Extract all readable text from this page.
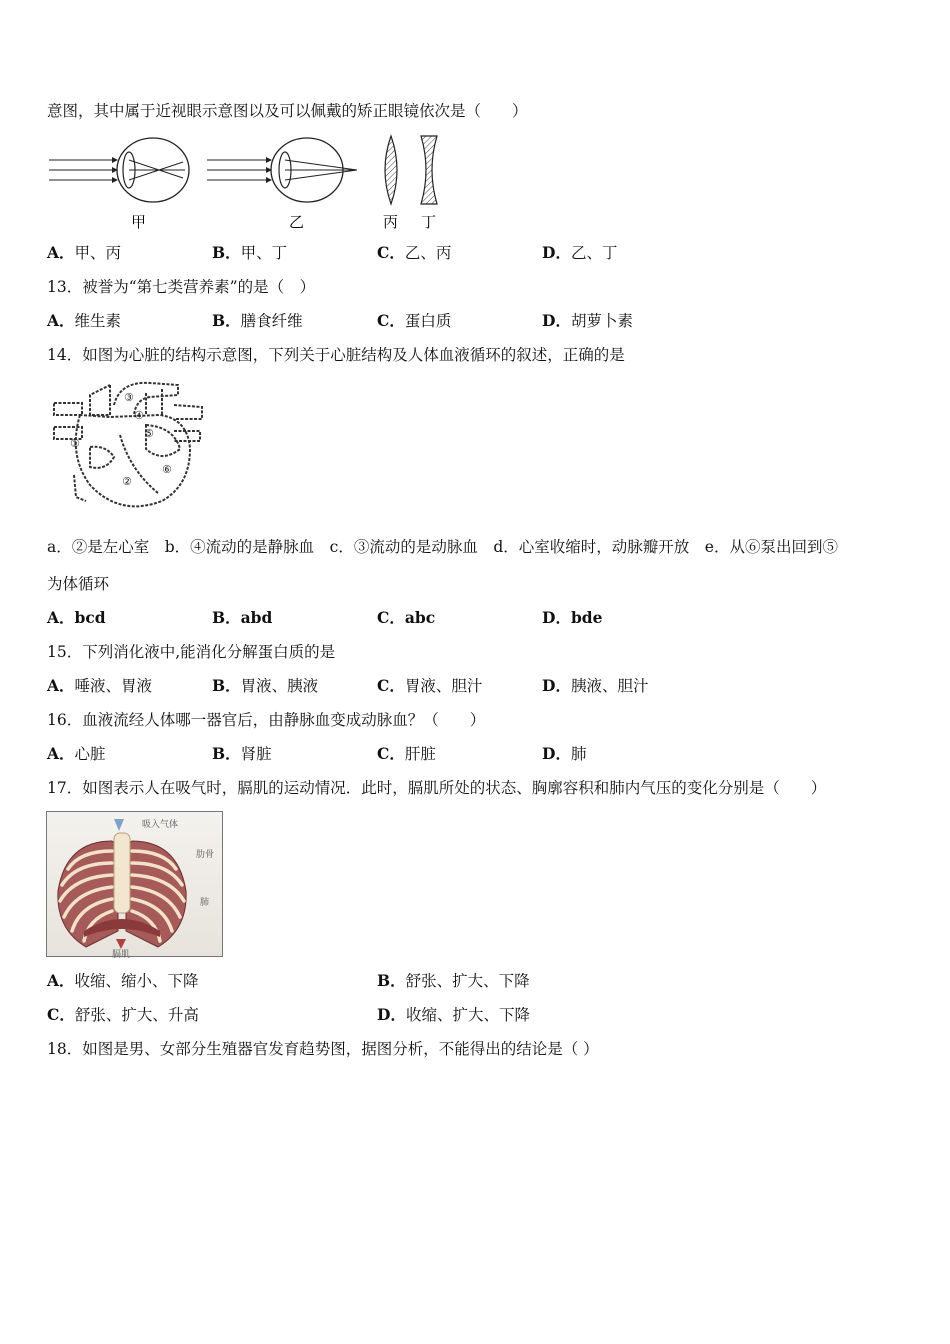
意图，其中属于近视眼示意图以及可以佩戴的矫正眼镜依次是（　　）
甲	乙	丙 丁
A．甲、丙	B．甲、丁	C．乙、丙	D．乙、丁
13．被誉为“第七类营养素”的是（　）
A．维生素	B．膳食纤维	C．蛋白质	D．胡萝卜素
14．如图为心脏的结构示意图，下列关于心脏结构及人体血液循环的叙述，正确的是
①
②
③
④
⑤
⑥
a．②是左心室　b．④流动的是静脉血　c．③流动的是动脉血　d．心室收缩时，动脉瓣开放　e．从⑥泵出回到⑤
为体循环
A．bcd	B．abd	C．abc	D．bde
15．下列消化液中,能消化分解蛋白质的是
A．唾液、胃液	B．胃液、胰液	C．胃液、胆汁	D．胰液、胆汁
16．血液流经人体哪一器官后，由静脉血变成动脉血？（　　）
A．心脏	B．肾脏	C．肝脏	D．肺
17．如图表示人在吸气时，膈肌的运动情况．此时，膈肌所处的状态、胸廓容积和肺内气压的变化分别是（　　）
吸入气体
肋骨
肺
膈肌
A．收缩、缩小、下降	B．舒张、扩大、下降
C．舒张、扩大、升高	D．收缩、扩大、下降
18．如图是男、女部分生殖器官发育趋势图，据图分析，不能得出的结论是（ ）
